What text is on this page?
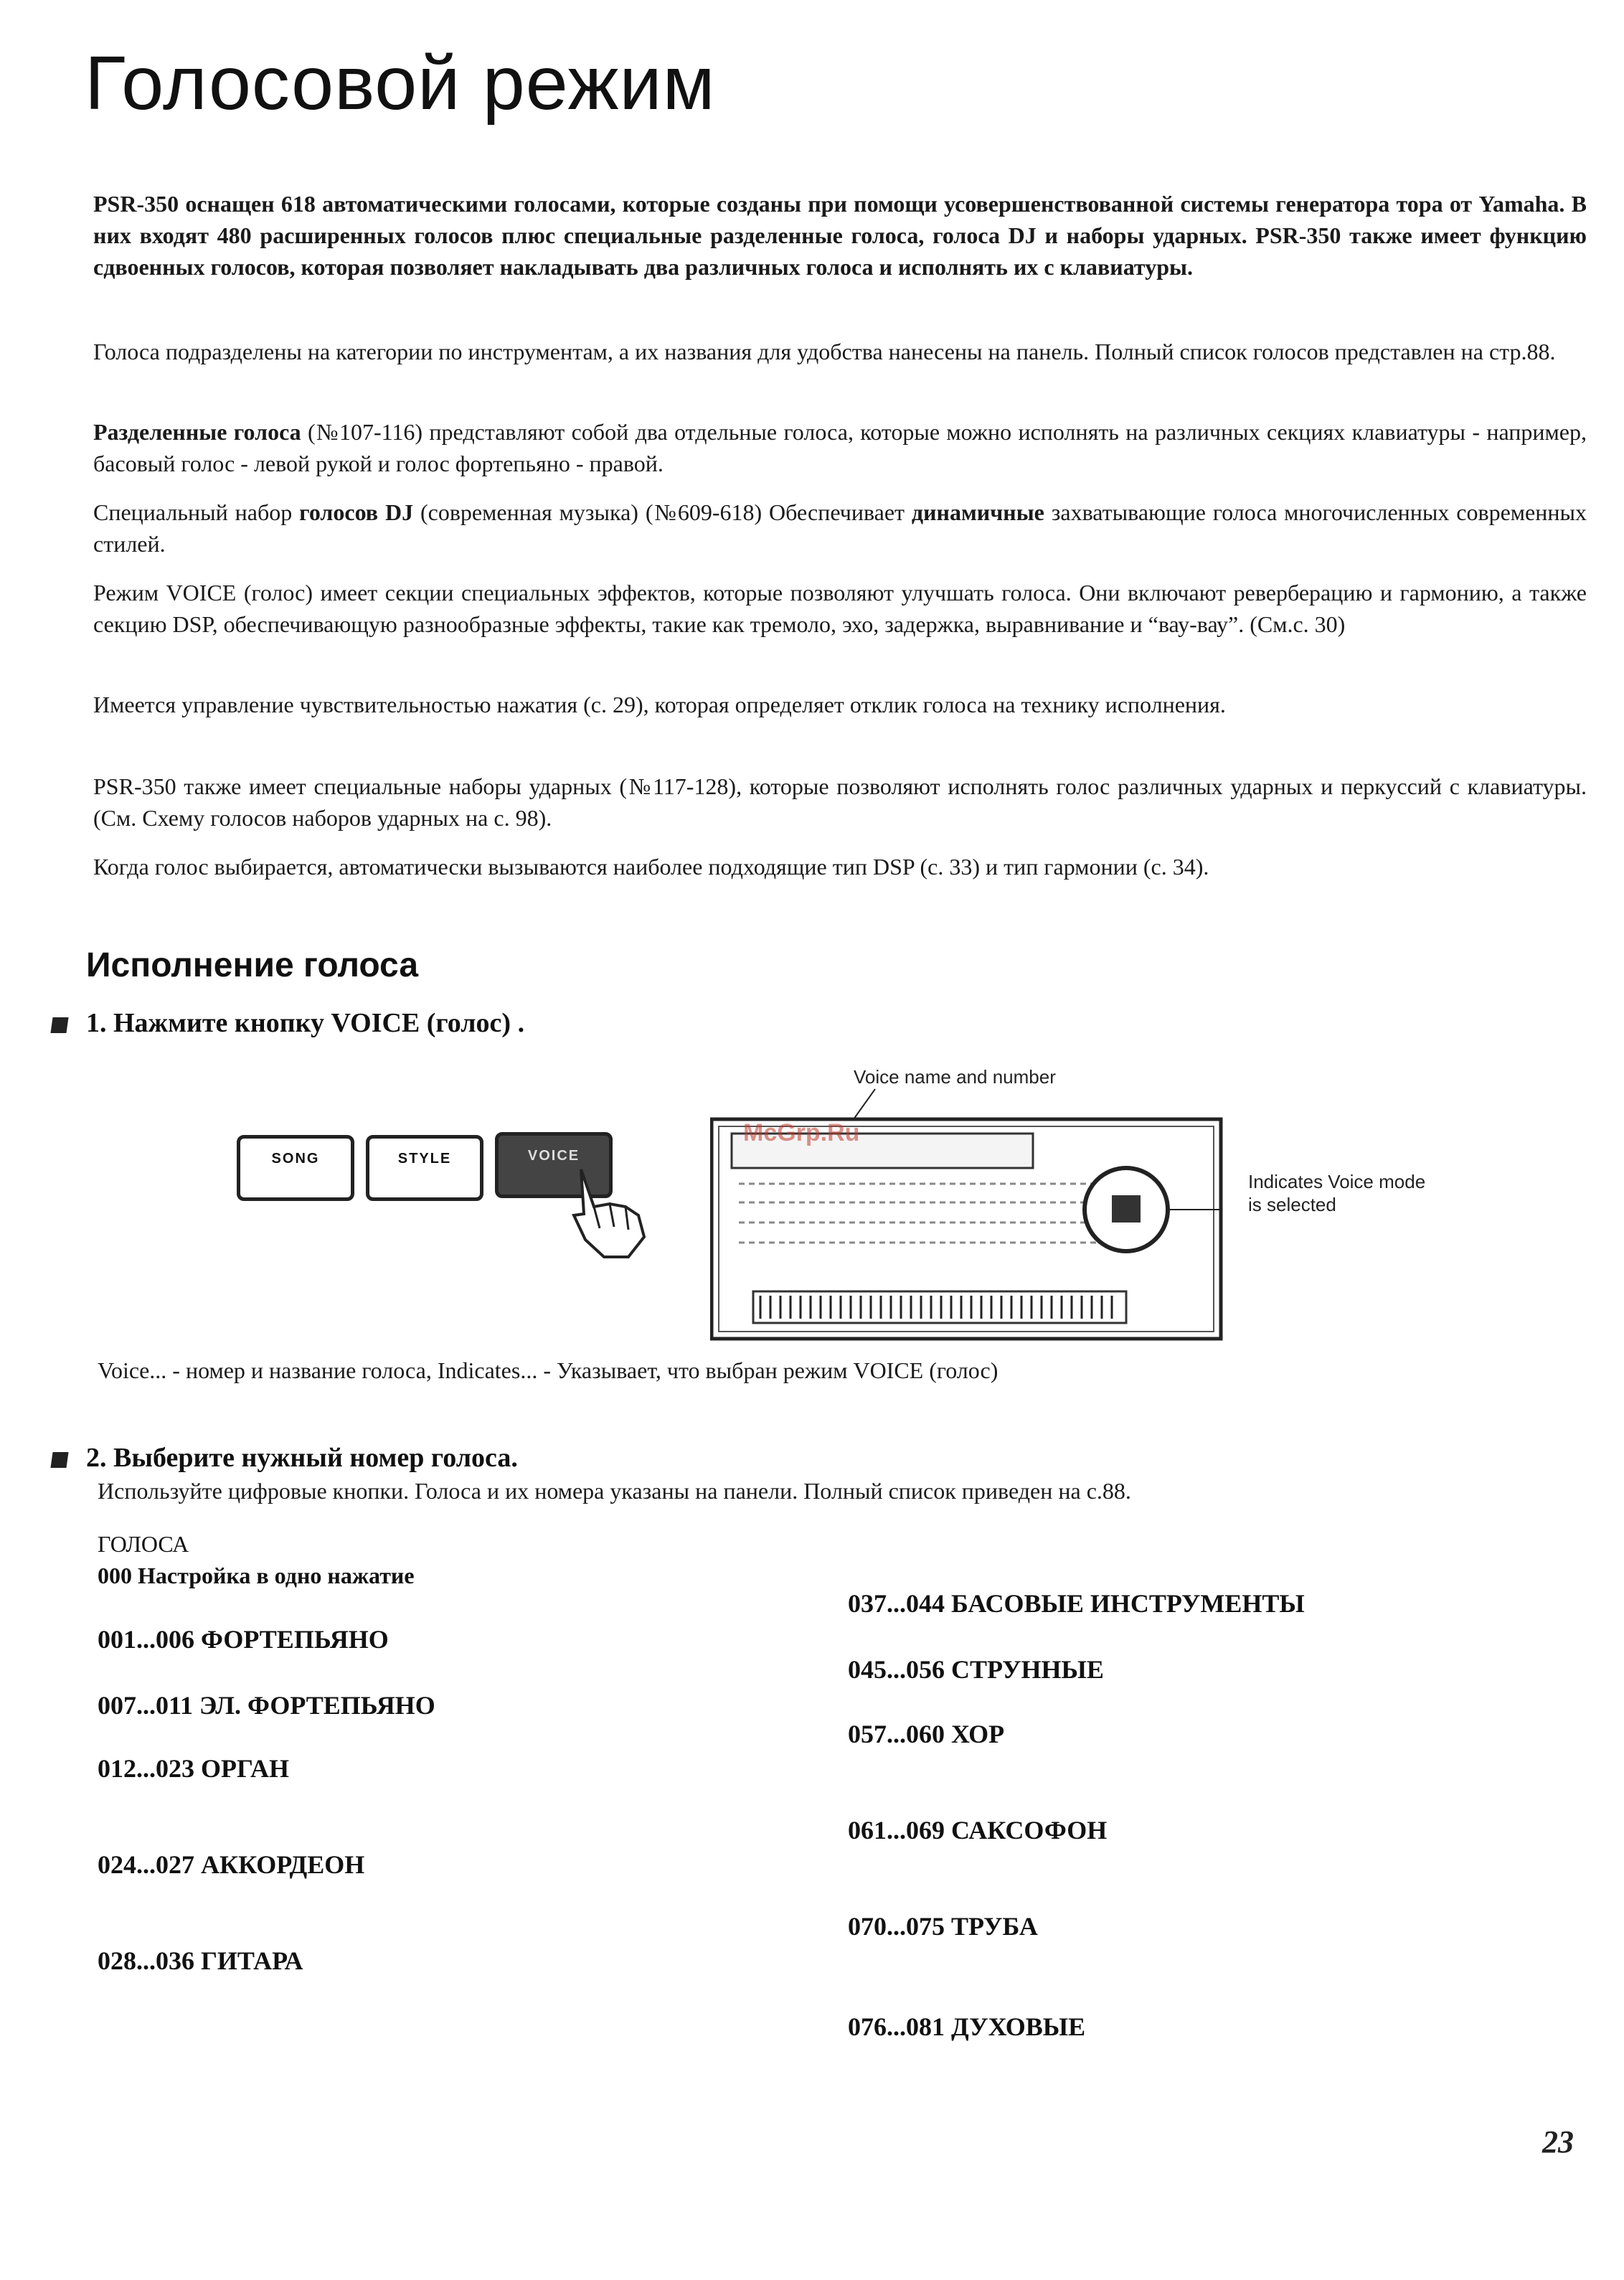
Голосовой режим

PSR-350 оснащен 618 автоматическими голосами, которые созданы при помощи усовершенствованной системы генератора тора от Yamaha. В них входят 480 расширенных голосов плюс специальные разделенные голоса, голоса DJ и наборы ударных. PSR-350 также имеет функцию сдвоенных голосов, которая позволяет накладывать два различных голоса и исполнять их с клавиатуры.

Голоса подразделены на категории по инструментам, а их названия для удобства нанесены на панель. Полный список голосов представлен на стр.88.

Разделенные голоса (№107-116) представляют собой два отдельные голоса, которые можно исполнять на различных секциях клавиатуры - например, басовый голос - левой рукой и голос фортепьяно - правой.

Специальный набор голосов DJ (современная музыка) (№609-618) Обеспечивает динамичные захватывающие голоса многочисленных современных стилей.

Режим VOICE (голос) имеет секции специальных эффектов, которые позволяют улучшать голоса. Они включают реверберацию и гармонию, а также секцию DSP, обеспечивающую разнообразные эффекты, такие как тремоло, эхо, задержка, выравнивание и “вау-вау”. (См.с. 30)

Имеется управление чувствительностью нажатия (с. 29), которая определяет отклик голоса на технику исполнения.

PSR-350 также имеет специальные наборы ударных (№117-128), которые позволяют исполнять голос различных ударных и перкуссий с клавиатуры. (См. Схему голосов наборов ударных на с. 98).

Когда голос выбирается, автоматически вызываются наиболее подходящие тип DSP (с. 33) и тип гармонии (с. 34).

Исполнение голоса
1. Нажмите кнопку VOICE (голос) .
SONG	STYLE	VOICE
Voice name and number
McGrp.Ru
Indicates Voice mode
is selected
Voice... - номер и название голоса, Indicates... - Указывает, что выбран режим VOICE (голос)
2. Выберите нужный номер голоса.
Используйте цифровые кнопки. Голоса и их номера указаны на панели. Полный список приведен на с.88.
ГОЛОСА
000 Настройка в одно нажатие
001...006 ФОРТЕПЬЯНО
007...011 ЭЛ. ФОРТЕПЬЯНО
012...023 ОРГАН
024...027 АККОРДЕОН
028...036 ГИТАРА
037...044 БАСОВЫЕ ИНСТРУМЕНТЫ
045...056 СТРУННЫЕ
057...060 ХОР
061...069 САКСОФОН
070...075 ТРУБА
076...081 ДУХОВЫЕ
23
